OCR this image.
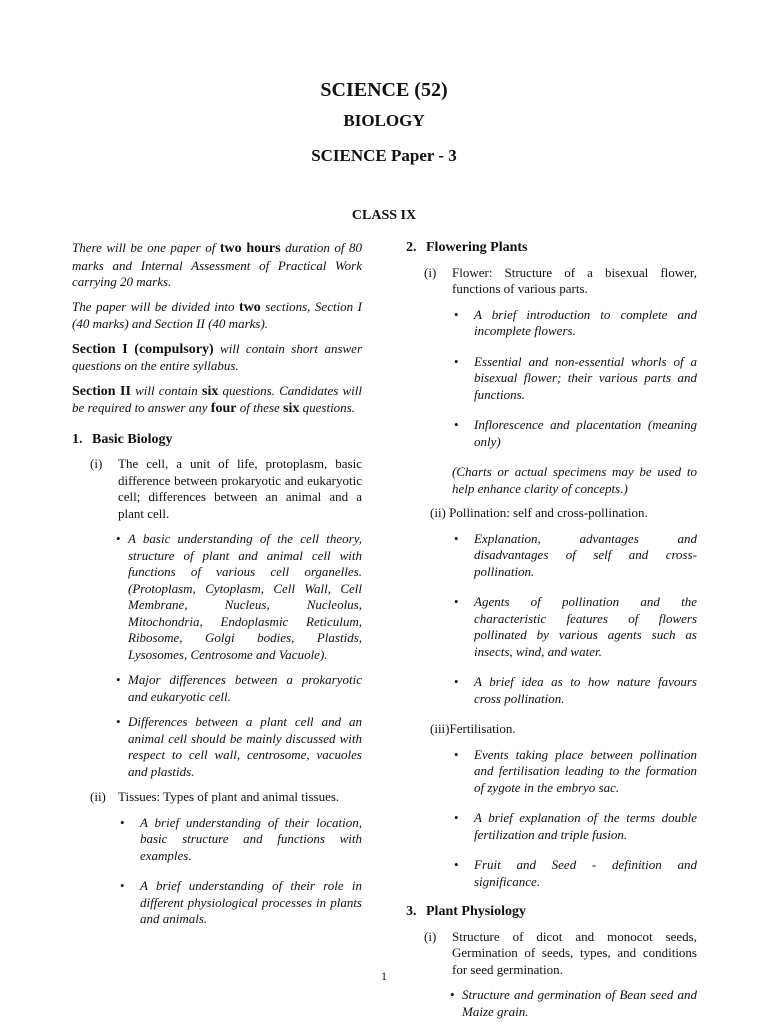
SCIENCE (52)

BIOLOGY

SCIENCE Paper - 3

CLASS IX

There will be one paper of two hours duration of 80 marks and Internal Assessment of Practical Work carrying 20 marks.

The paper will be divided into two sections, Section I (40 marks) and Section II (40 marks).

Section I (compulsory) will contain short answer questions on the entire syllabus.

Section II will contain six questions. Candidates will be required to answer any four of these six questions.

1. Basic Biology

(i) The cell, a unit of life, protoplasm, basic difference between prokaryotic and eukaryotic cell; differences between an animal and a plant cell.

• A basic understanding of the cell theory, structure of plant and animal cell with functions of various cell organelles. (Protoplasm, Cytoplasm, Cell Wall, Cell Membrane, Nucleus, Nucleolus, Mitochondria, Endoplasmic Reticulum, Ribosome, Golgi bodies, Plastids, Lysosomes, Centrosome and Vacuole).
• Major differences between a prokaryotic and eukaryotic cell.
• Differences between a plant cell and an animal cell should be mainly discussed with respect to cell wall, centrosome, vacuoles and plastids.

(ii) Tissues: Types of plant and animal tissues.

• A brief understanding of their location, basic structure and functions with examples.
• A brief understanding of their role in different physiological processes in plants and animals.
2. Flowering Plants

(i) Flower: Structure of a bisexual flower, functions of various parts.

• A brief introduction to complete and incomplete flowers.
• Essential and non-essential whorls of a bisexual flower; their various parts and functions.
• Inflorescence and placentation (meaning only)

(Charts or actual specimens may be used to help enhance clarity of concepts.)

(ii) Pollination: self and cross-pollination.

• Explanation, advantages and disadvantages of self and cross-pollination.
• Agents of pollination and the characteristic features of flowers pollinated by various agents such as insects, wind, and water.
• A brief idea as to how nature favours cross pollination.

(iii)Fertilisation.

• Events taking place between pollination and fertilisation leading to the formation of zygote in the embryo sac.
• A brief explanation of the terms double fertilization and triple fusion.
• Fruit and Seed - definition and significance.
3. Plant Physiology

(i) Structure of dicot and monocot seeds, Germination of seeds, types, and conditions for seed germination.

• Structure and germination of Bean seed and Maize grain.
1
